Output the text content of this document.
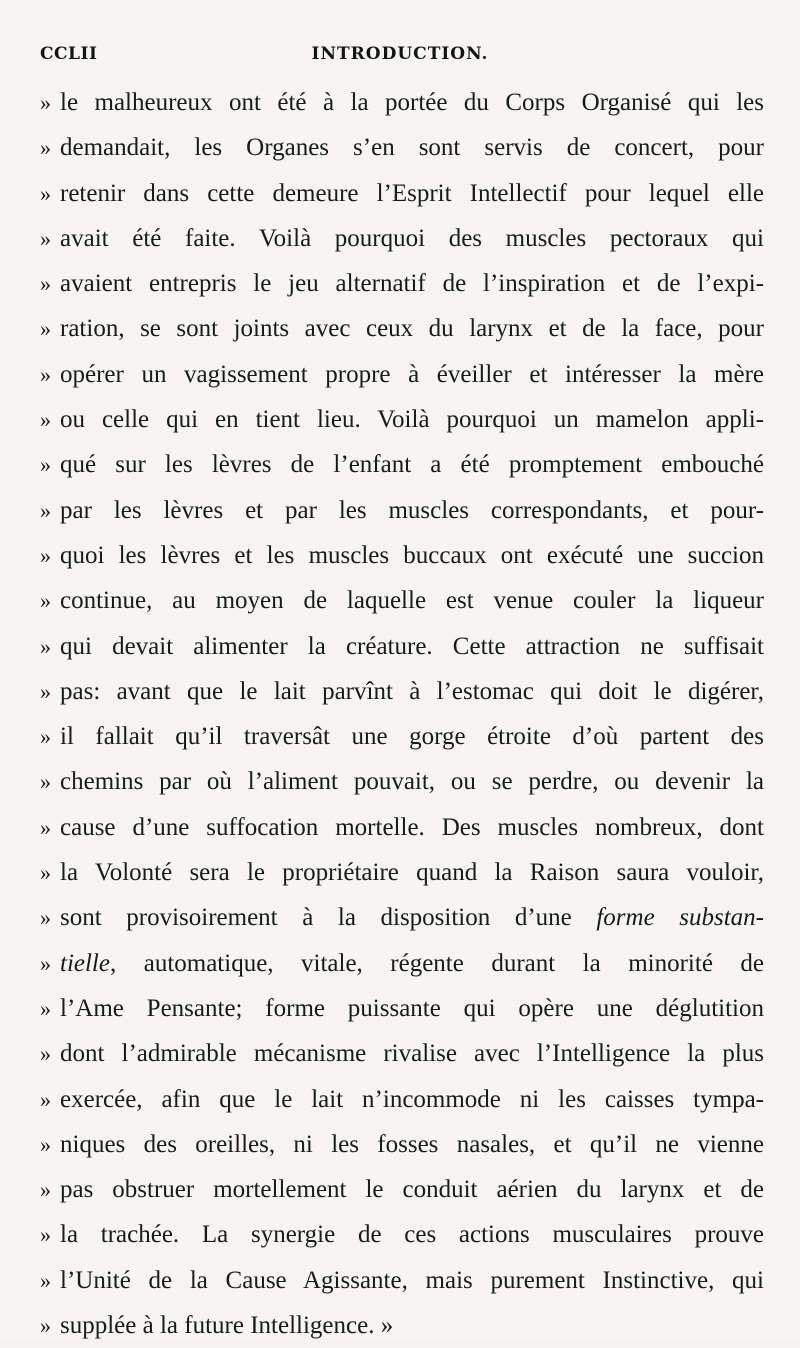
CCLII	INTRODUCTION.
» le malheureux ont été à la portée du Corps Organisé qui les
» demandait, les Organes s’en sont servis de concert, pour
» retenir dans cette demeure l’Esprit Intellectif pour lequel elle
» avait été faite. Voilà pourquoi des muscles pectoraux qui
» avaient entrepris le jeu alternatif de l’inspiration et de l’expi-
» ration, se sont joints avec ceux du larynx et de la face, pour
» opérer un vagissement propre à éveiller et intéresser la mère
» ou celle qui en tient lieu. Voilà pourquoi un mamelon appli-
» qué sur les lèvres de l’enfant a été promptement embouché
» par les lèvres et par les muscles correspondants, et pour-
» quoi les lèvres et les muscles buccaux ont exécuté une succion
» continue, au moyen de laquelle est venue couler la liqueur
» qui devait alimenter la créature. Cette attraction ne suffisait
» pas: avant que le lait parvînt à l’estomac qui doit le digérer,
» il fallait qu’il traversât une gorge étroite d’où partent des
» chemins par où l’aliment pouvait, ou se perdre, ou devenir la
» cause d’une suffocation mortelle. Des muscles nombreux, dont
» la Volonté sera le propriétaire quand la Raison saura vouloir,
» sont provisoirement à la disposition d’une forme substan-
» tielle, automatique, vitale, régente durant la minorité de
» l’Ame Pensante; forme puissante qui opère une déglutition
» dont l’admirable mécanisme rivalise avec l’Intelligence la plus
» exercée, afin que le lait n’incommode ni les caisses tympa-
» niques des oreilles, ni les fosses nasales, et qu’il ne vienne
» pas obstruer mortellement le conduit aérien du larynx et de
» la trachée. La synergie de ces actions musculaires prouve
» l’Unité de la Cause Agissante, mais purement Instinctive, qui
» supplée à la future Intelligence. »
